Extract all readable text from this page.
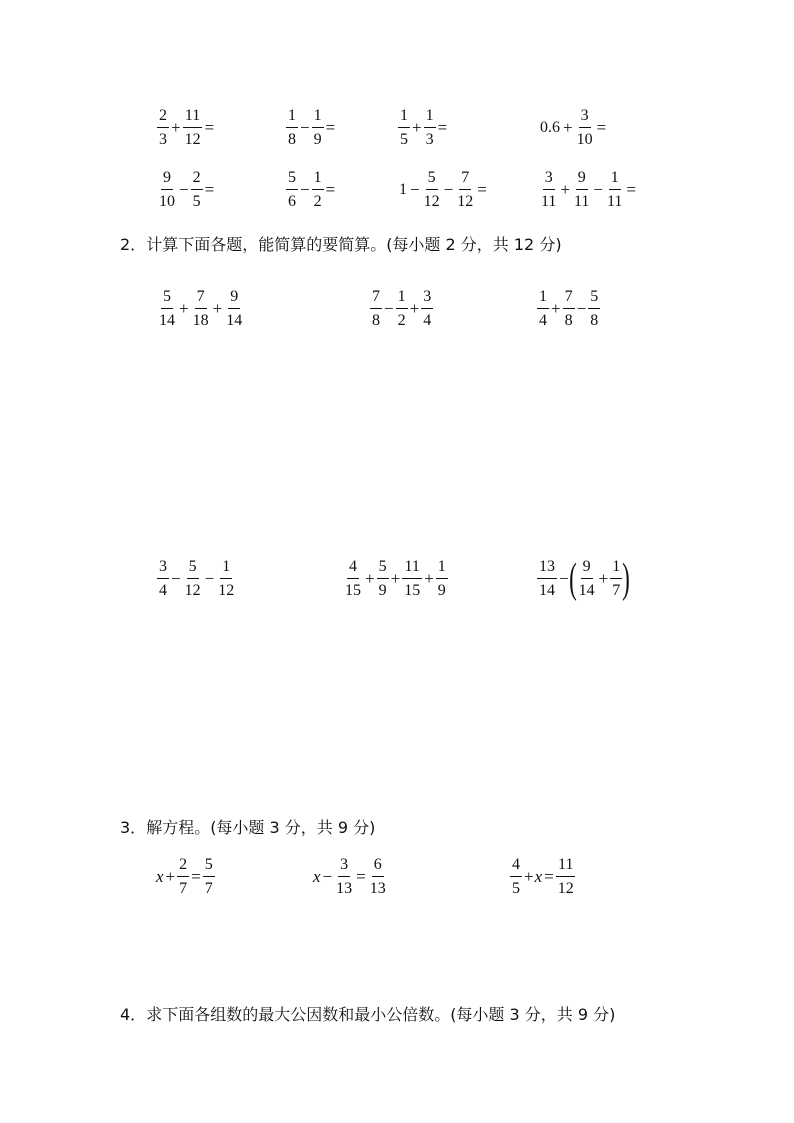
$\frac{2}{3} + \frac{11}{12}$ =	$\frac{1}{8} - \frac{1}{9}$ =	$\frac{1}{5} + \frac{1}{3}$ =	$0.6 + \frac{3}{10}$ =
$\frac{9}{10} - \frac{2}{5}$ =	$\frac{5}{6} - \frac{1}{2}$ =	$1 - \frac{5}{12} - \frac{7}{12}$ =	$\frac{3}{11} + \frac{9}{11} - \frac{1}{11}$ =
2．计算下面各题，能简算的要简算。(每小题 2 分，共 12 分)
$\frac{5}{14} + \frac{7}{18} + \frac{9}{14}$	$\frac{7}{8} - \frac{1}{2} + \frac{3}{4}$	$\frac{1}{4} + \frac{7}{8} - \frac{5}{8}$
$\frac{3}{4} - \frac{5}{12} - \frac{1}{12}$	$\frac{4}{15} + \frac{5}{9} + \frac{11}{15} + \frac{1}{9}$	$\frac{13}{14}$ − ( $\frac{9}{14} + \frac{1}{7}$ )
3．解方程。(每小题 3 分，共 9 分)
$x + \frac{2}{7} = \frac{5}{7}$	$x - \frac{3}{13} = \frac{6}{13}$	$\frac{4}{5} + x = \frac{11}{12}$
4．求下面各组数的最大公因数和最小公倍数。(每小题 3 分，共 9 分)
